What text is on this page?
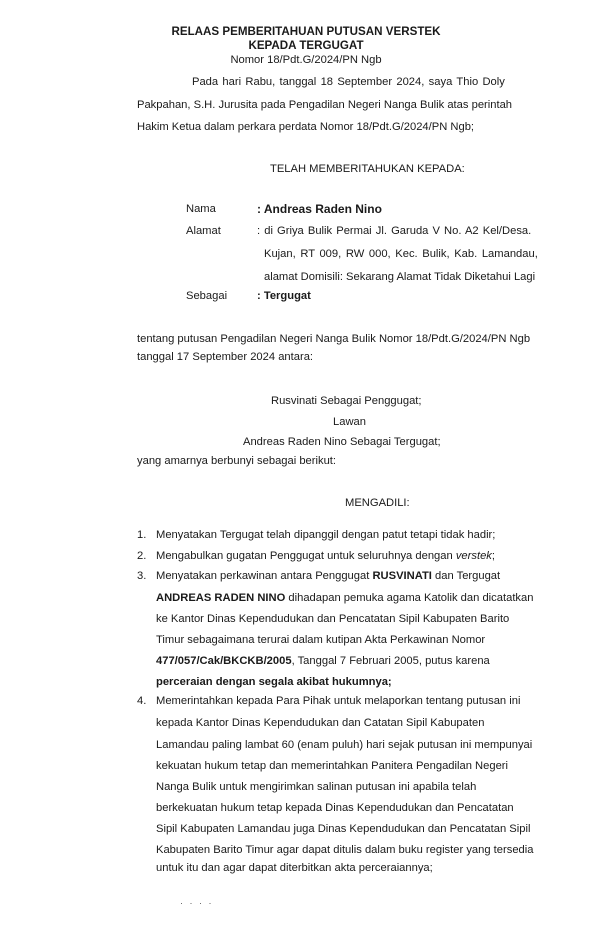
RELAAS PEMBERITAHUAN PUTUSAN VERSTEK
KEPADA TERGUGAT
Nomor 18/Pdt.G/2024/PN Ngb
Pada hari Rabu, tanggal 18 September 2024, saya Thio Doly
Pakpahan, S.H. Jurusita pada Pengadilan Negeri Nanga Bulik atas perintah
Hakim Ketua dalam perkara perdata Nomor 18/Pdt.G/2024/PN Ngb;
TELAH MEMBERITAHUKAN KEPADA:
Nama	: Andreas Raden Nino
Alamat	: di Griya Bulik Permai Jl. Garuda V No. A2 Kel/Desa.
Kujan, RT 009, RW 000, Kec. Bulik, Kab. Lamandau,
alamat Domisili: Sekarang Alamat Tidak Diketahui Lagi
Sebagai	: Tergugat
tentang putusan Pengadilan Negeri Nanga Bulik Nomor 18/Pdt.G/2024/PN Ngb
tanggal 17 September 2024 antara:
Rusvinati Sebagai Penggugat;
Lawan
Andreas Raden Nino Sebagai Tergugat;
yang amarnya berbunyi sebagai berikut:
MENGADILI:
1. Menyatakan Tergugat telah dipanggil dengan patut tetapi tidak hadir;
2. Mengabulkan gugatan Penggugat untuk seluruhnya dengan verstek;
3. Menyatakan perkawinan antara Penggugat RUSVINATI dan Tergugat
ANDREAS RADEN NINO dihadapan pemuka agama Katolik dan dicatatkan
ke Kantor Dinas Kependudukan dan Pencatatan Sipil Kabupaten Barito
Timur sebagaimana terurai dalam kutipan Akta Perkawinan Nomor
477/057/Cak/BKCKB/2005, Tanggal 7 Februari 2005, putus karena
perceraian dengan segala akibat hukumnya;
4. Memerintahkan kepada Para Pihak untuk melaporkan tentang putusan ini
kepada Kantor Dinas Kependudukan dan Catatan Sipil Kabupaten
Lamandau paling lambat 60 (enam puluh) hari sejak putusan ini mempunyai
kekuatan hukum tetap dan memerintahkan Panitera Pengadilan Negeri
Nanga Bulik untuk mengirimkan salinan putusan ini apabila telah
berkekuatan hukum tetap kepada Dinas Kependudukan dan Pencatatan
Sipil Kabupaten Lamandau juga Dinas Kependudukan dan Pencatatan Sipil
Kabupaten Barito Timur agar dapat ditulis dalam buku register yang tersedia
untuk itu dan agar dapat diterbitkan akta perceraiannya;
· · · ·
